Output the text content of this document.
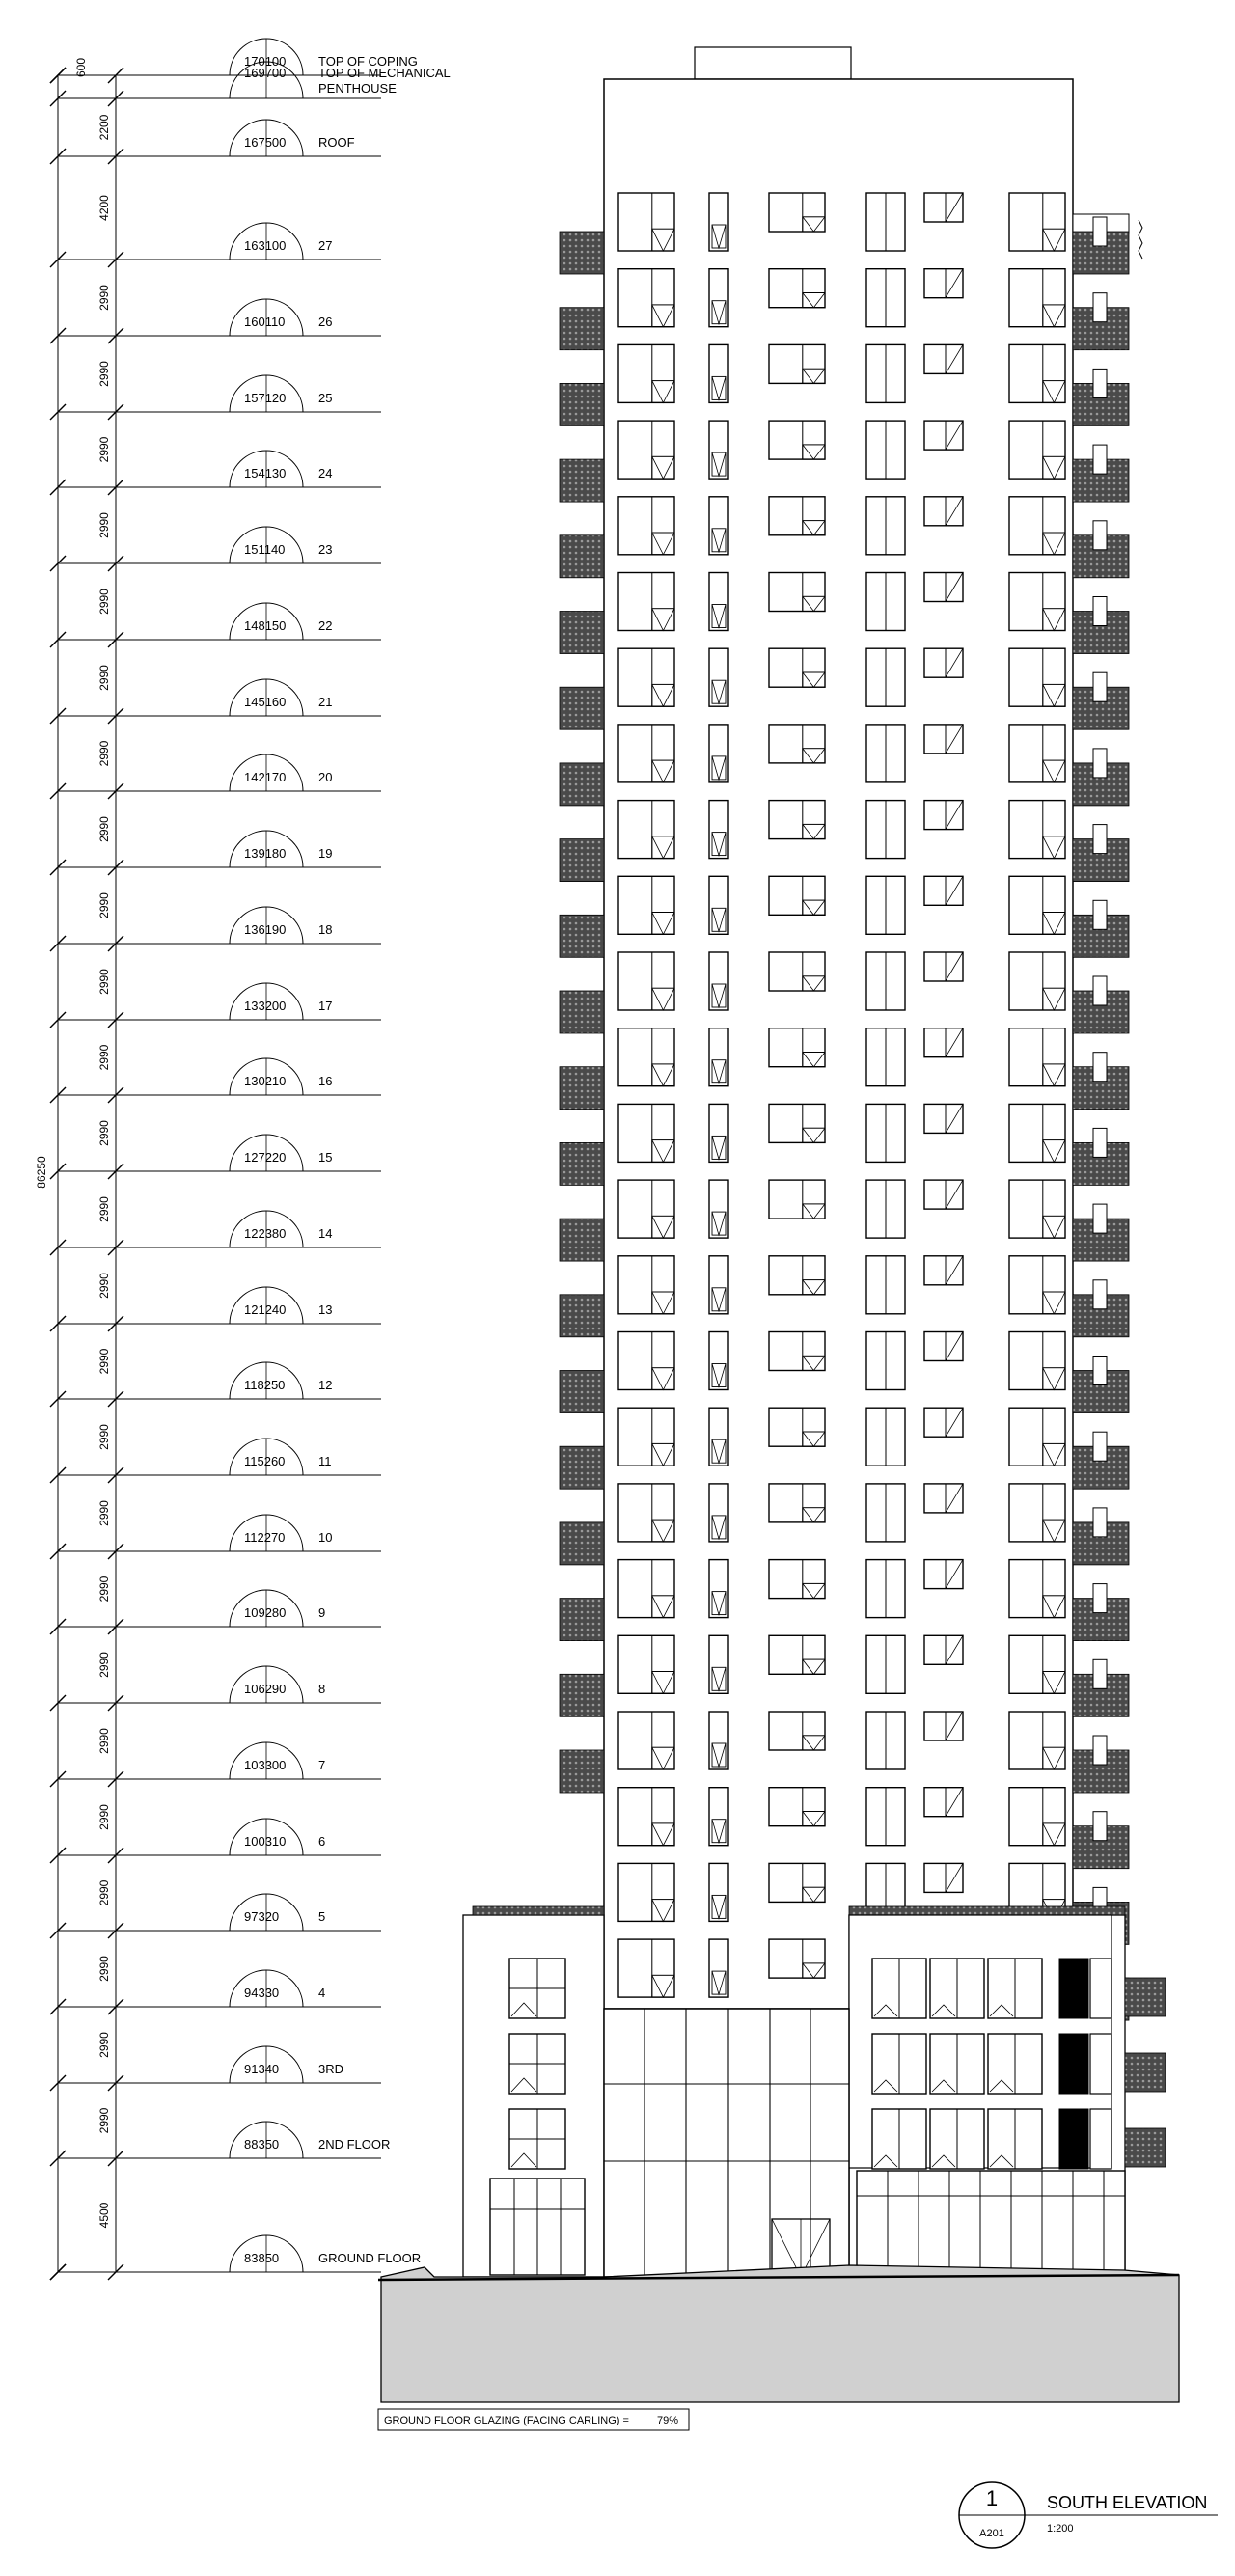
170100	TOP OF COPING
600	169700	TOP OF MECHANICAL
PENTHOUSE
2200
167500	ROOF
4200
163100	27
2990
160110	26
2990
157120	25
2990
154130	24
2990
151140	23
2990
148150	22
2990
145160	21
2990
142170	20
2990
139180	19
2990
136190	18
2990
133200	17
2990
130210	16
2990
127220	15
2990
122380	14
2990
121240	13
2990
118250	12
2990
115260	11
2990
112270	10
2990
109280	9
2990
106290	8
2990
103300	7
2990
100310	6
2990
97320	5
2990
94330	4
2990
91340	3RD
2990
88350	2ND FLOOR
4500
83850	GROUND FLOOR
86250
GROUND FLOOR GLAZING (FACING CARLING) =	79%
1
A201
SOUTH ELEVATION
1:200
